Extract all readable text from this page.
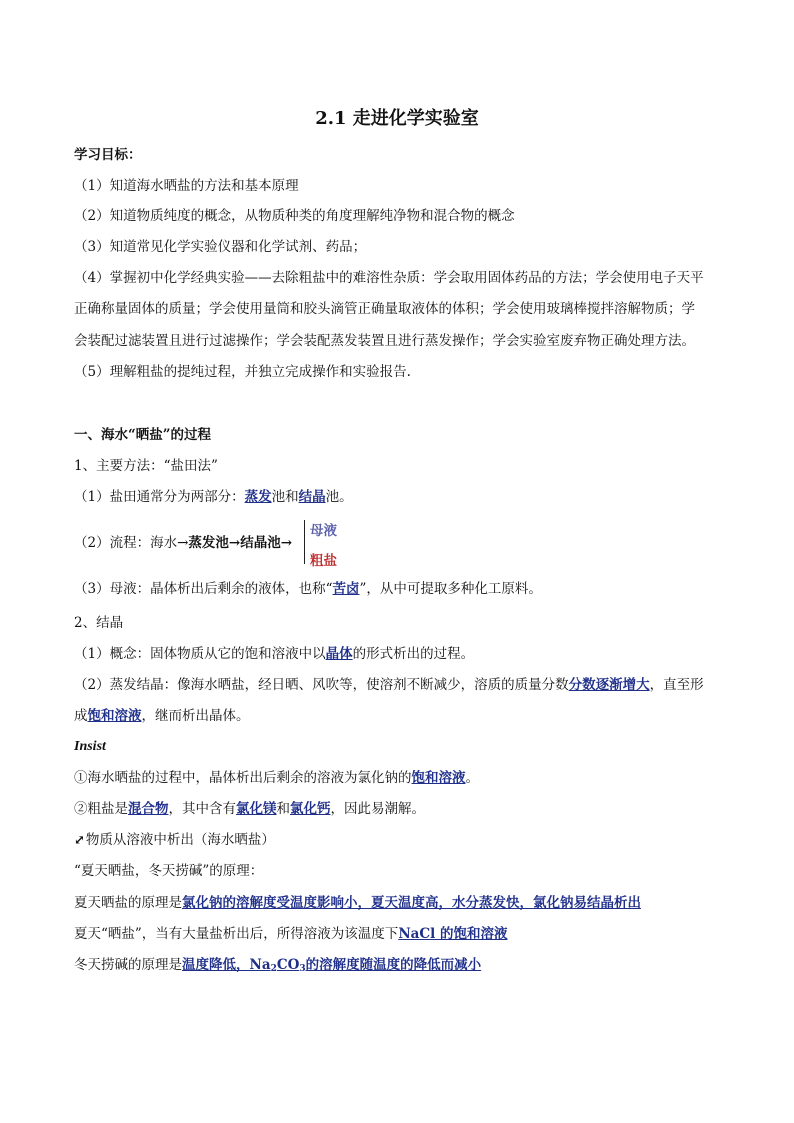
2.1 走进化学实验室
学习目标：
（1）知道海水晒盐的方法和基本原理
（2）知道物质纯度的概念，从物质种类的角度理解纯净物和混合物的概念
（3）知道常见化学实验仪器和化学试剂、药品；
（4）掌握初中化学经典实验——去除粗盐中的难溶性杂质：学会取用固体药品的方法；学会使用电子天平
正确称量固体的质量；学会使用量筒和胶头滴管正确量取液体的体积；学会使用玻璃棒搅拌溶解物质；学
会装配过滤装置且进行过滤操作；学会装配蒸发装置且进行蒸发操作；学会实验室废弃物正确处理方法。
（5）理解粗盐的提纯过程，并独立完成操作和实验报告.
一、海水“晒盐”的过程
1、主要方法：“盐田法”
（1）盐田通常分为两部分：蒸发池和结晶池。
（2）流程：海水→蒸发池→结晶池→
母液
粗盐
（3）母液：晶体析出后剩余的液体，也称“苦卤”，从中可提取多种化工原料。
2、结晶
（1）概念：固体物质从它的饱和溶液中以晶体的形式析出的过程。
（2）蒸发结晶：像海水晒盐，经日晒、风吹等，使溶剂不断减少，溶质的质量分数分数逐渐增大，直至形
成饱和溶液，继而析出晶体。
Insist
①海水晒盐的过程中，晶体析出后剩余的溶液为氯化钠的饱和溶液。
②粗盐是混合物，其中含有氯化镁和氯化钙，因此易潮解。
⤢物质从溶液中析出（海水晒盐）
“夏天晒盐，冬天捞碱”的原理：
夏天晒盐的原理是氯化钠的溶解度受温度影响小，夏天温度高，水分蒸发快，氯化钠易结晶析出
夏天“晒盐”，当有大量盐析出后，所得溶液为该温度下NaCl 的饱和溶液
冬天捞碱的原理是温度降低，$Na_2CO_3$的溶解度随温度的降低而减小
